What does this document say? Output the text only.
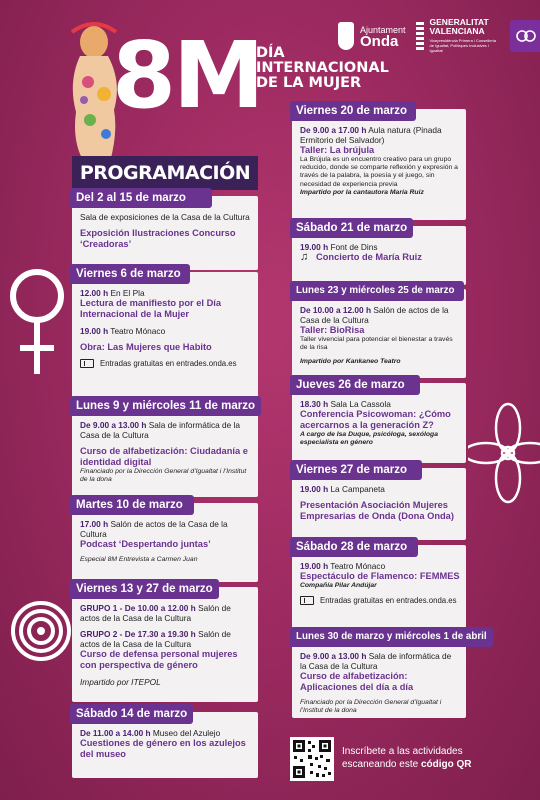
8M
DÍA
INTERNACIONAL
DE LA MUJER
Ajuntament
Onda
GENERALITAT
VALENCIANA
Vicepresidència Primera i Conselleria de Igualtat, Polítiques Inclusives i Igualtat
PROGRAMACIÓN
Del 2 al 15 de marzo
Sala de exposiciones de la Casa de la Cultura
Exposición Ilustraciones Concurso ‘Creadoras’
Viernes 6 de marzo
12.00 h En El Pla
Lectura de manifiesto por el Día Internacional de la Mujer
19.00 h Teatro Mónaco
Obra: Las Mujeres que Habito
Entradas gratuitas en entrades.onda.es
Lunes 9 y miércoles 11 de marzo
De 9.00 a 13.00 h Sala de informática de la Casa de la Cultura
Curso de alfabetización: Ciudadanía e identidad digital
Financiado por la Dirección General d’Igualtat i l’Institut de la dona
Martes 10 de marzo
17.00 h Salón de actos de la Casa de la Cultura
Podcast ‘Despertando juntas’
Especial 8M Entrevista a Carmen Juan
Viernes 13 y 27 de marzo
GRUPO 1 - De 10.00 a 12.00 h Salón de actos de la Casa de la Cultura
GRUPO 2 - De 17.30 a 19.30 h Salón de actos de la Casa de la Cultura
Curso de defensa personal mujeres con perspectiva de género
Impartido por ITEPOL
Sábado 14 de marzo
De 11.00 a 14.00 h Museo del Azulejo
Cuestiones de género en los azulejos del museo
Viernes 20 de marzo
De 9.00 a 17.00 h Aula natura (Pinada Ermitorio del Salvador)
Taller: La brújula
La Brújula es un encuentro creativo para un grupo reducido, donde se comparte reflexión y expresión a través de la palabra, la poesía y el juego, sin necesidad de experiencia previa
Impartido por la cantautora María Ruiz
Sábado 21 de marzo
19.00 h Font de Dins
♫ Concierto de María Ruiz
Lunes 23 y miércoles 25 de marzo
De 10.00 a 12.00 h Salón de actos de la Casa de la Cultura
Taller: BioRisa
Taller vivencial para potenciar el bienestar a través de la risa
Impartido por Kankaneo Teatro
Jueves 26 de marzo
18.30 h Sala La Cassola
Conferencia Psicowoman: ¿Cómo acercarnos a la generación Z?
A cargo de Isa Duque, psicóloga, sexóloga especialista en género
Viernes 27 de marzo
19.00 h La Campaneta
Presentación Asociación Mujeres Empresarias de Onda (Dona Onda)
Sábado 28 de marzo
19.00 h Teatro Mónaco
Espectáculo de Flamenco: FEMMES
Compañía Pilar Andújar
Entradas gratuitas en entrades.onda.es
Lunes 30 de marzo y miércoles 1 de abril
De 9.00 a 13.00 h Sala de informática de la Casa de la Cultura
Curso de alfabetización: Aplicaciones del día a día
Financiado por la Dirección General d’Igualtat i l’Institut de la dona
Inscríbete a las actividades
escaneando este código QR
